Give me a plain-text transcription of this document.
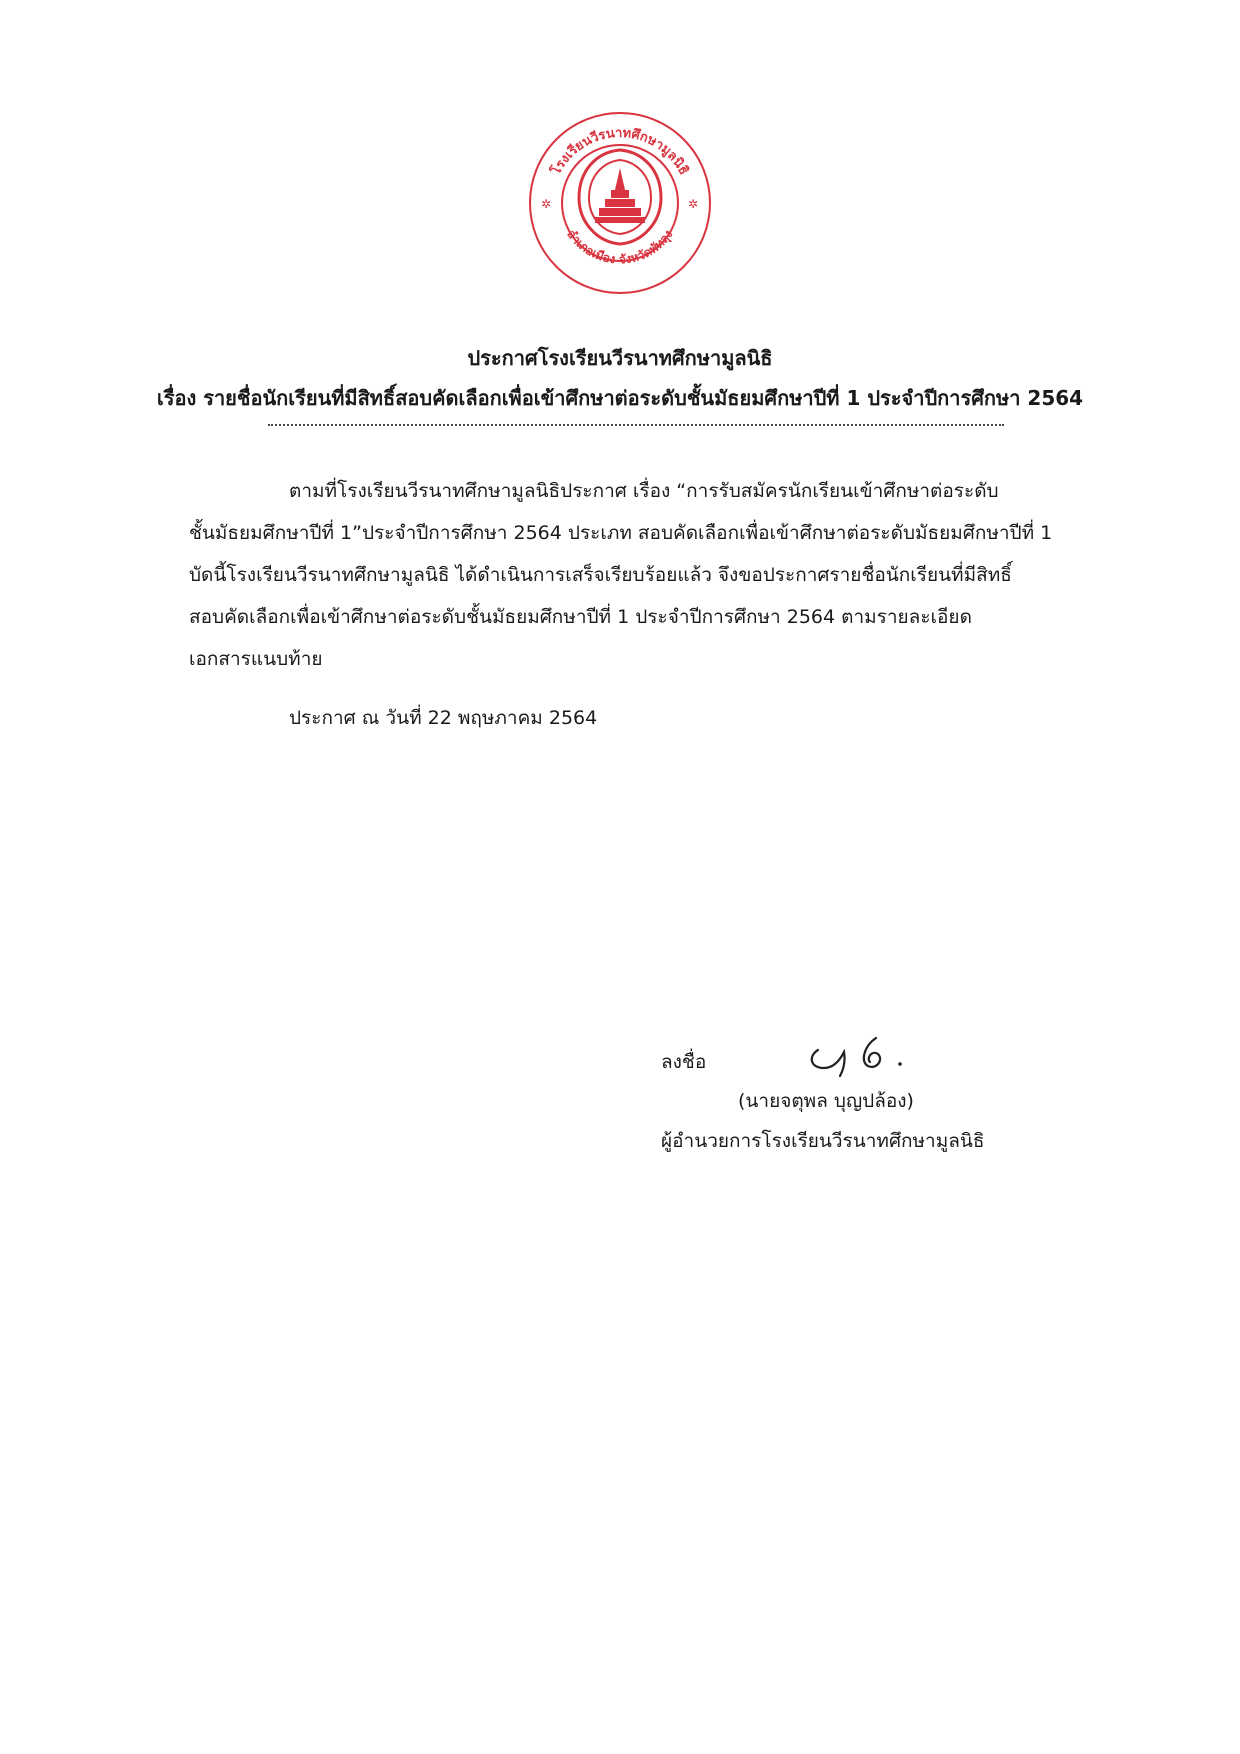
✲	✲
โรงเรียนวีรนาทศึกษามูลนิธิ
อำเภอเมือง จังหวัดพัทลุง
ประกาศโรงเรียนวีรนาทศึกษามูลนิธิ
เรื่อง รายชื่อนักเรียนที่มีสิทธิ์สอบคัดเลือกเพื่อเข้าศึกษาต่อระดับชั้นมัธยมศึกษาปีที่ 1 ประจำปีการศึกษา 2564
ตามที่โรงเรียนวีรนาทศึกษามูลนิธิประกาศ เรื่อง “การรับสมัครนักเรียนเข้าศึกษาต่อระดับ
ชั้นมัธยมศึกษาปีที่ 1”ประจำปีการศึกษา 2564 ประเภท สอบคัดเลือกเพื่อเข้าศึกษาต่อระดับมัธยมศึกษาปีที่ 1
บัดนี้โรงเรียนวีรนาทศึกษามูลนิธิ ได้ดำเนินการเสร็จเรียบร้อยแล้ว จึงขอประกาศรายชื่อนักเรียนที่มีสิทธิ์
สอบคัดเลือกเพื่อเข้าศึกษาต่อระดับชั้นมัธยมศึกษาปีที่ 1 ประจำปีการศึกษา 2564 ตามรายละเอียด
เอกสารแนบท้าย
ประกาศ ณ วันที่ 22 พฤษภาคม 2564
ลงชื่อ
(นายจตุพล บุญปล้อง)
ผู้อำนวยการโรงเรียนวีรนาทศึกษามูลนิธิ
